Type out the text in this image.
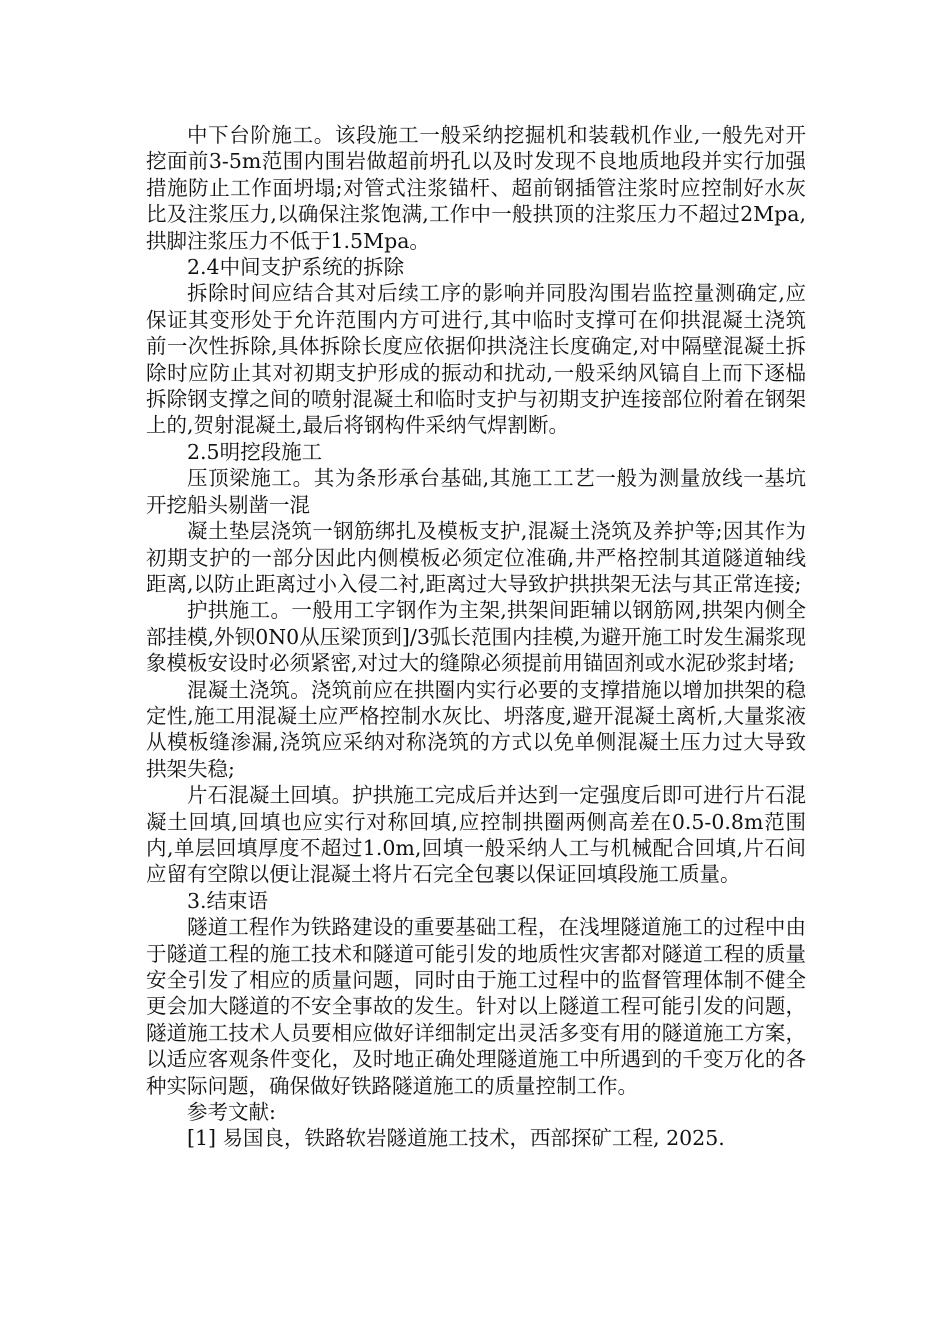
中下台阶施工。该段施工一般采纳挖掘机和装载机作业,一般先对开挖面前3-5m范围内围岩做超前坍孔以及时发现不良地质地段并实行加强措施防止工作面坍塌;对管式注浆锚杆、超前钢插管注浆时应控制好水灰比及注浆压力,以确保注浆饱满,工作中一般拱顶的注浆压力不超过2Mpa,拱脚注浆压力不低于1.5Mpa。

2.4中间支护系统的拆除

拆除时间应结合其对后续工序的影响并同股沟围岩监控量测确定,应保证其变形处于允许范围内方可进行,其中临时支撑可在仰拱混凝土浇筑前一次性拆除,具体拆除长度应依据仰拱浇注长度确定,对中隔壁混凝土拆除时应防止其对初期支护形成的振动和扰动,一般采纳风镐自上而下逐榀拆除钢支撑之间的喷射混凝土和临时支护与初期支护连接部位附着在钢架上的,贺射混凝土,最后将钢构件采纳气焊割断。

2.5明挖段施工

压顶梁施工。其为条形承台基础,其施工工艺一般为测量放线一基坑开挖船头剔凿一混

凝土垫层浇筑一钢筋绑扎及模板支护,混凝土浇筑及养护等;因其作为初期支护的一部分因此内侧模板必须定位准确,井严格控制其道隧道轴线距离,以防止距离过小入侵二衬,距离过大导致护拱拱架无法与其正常连接;

护拱施工。一般用工字钢作为主架,拱架间距辅以钢筋网,拱架内侧全部挂模,外钡0N0从压梁顶到]/3弧长范围内挂模,为避开施工时发生漏浆现象模板安设时必须紧密,对过大的缝隙必须提前用锚固剂或水泥砂浆封堵;

混凝土浇筑。浇筑前应在拱圈内实行必要的支撑措施以增加拱架的稳定性,施工用混凝土应严格控制水灰比、坍落度,避开混凝土离析,大量浆液从模板缝渗漏,浇筑应采纳对称浇筑的方式以免单侧混凝土压力过大导致拱架失稳;

片石混凝土回填。护拱施工完成后并达到一定强度后即可进行片石混凝土回填,回填也应实行对称回填,应控制拱圈两侧高差在0.5-0.8m范围内,单层回填厚度不超过1.0m,回填一般采纳人工与机械配合回填,片石间应留有空隙以便让混凝土将片石完全包裹以保证回填段施工质量。

3.结束语

隧道工程作为铁路建设的重要基础工程，在浅埋隧道施工的过程中由于隧道工程的施工技术和隧道可能引发的地质性灾害都对隧道工程的质量安全引发了相应的质量问题，同时由于施工过程中的监督管理体制不健全更会加大隧道的不安全事故的发生。针对以上隧道工程可能引发的问题，隧道施工技术人员要相应做好详细制定出灵活多变有用的隧道施工方案，以适应客观条件变化，及时地正确处理隧道施工中所遇到的千变万化的各种实际问题，确保做好铁路隧道施工的质量控制工作。

参考文献:

[1] 易国良，铁路软岩隧道施工技术，西部探矿工程, 2025.
